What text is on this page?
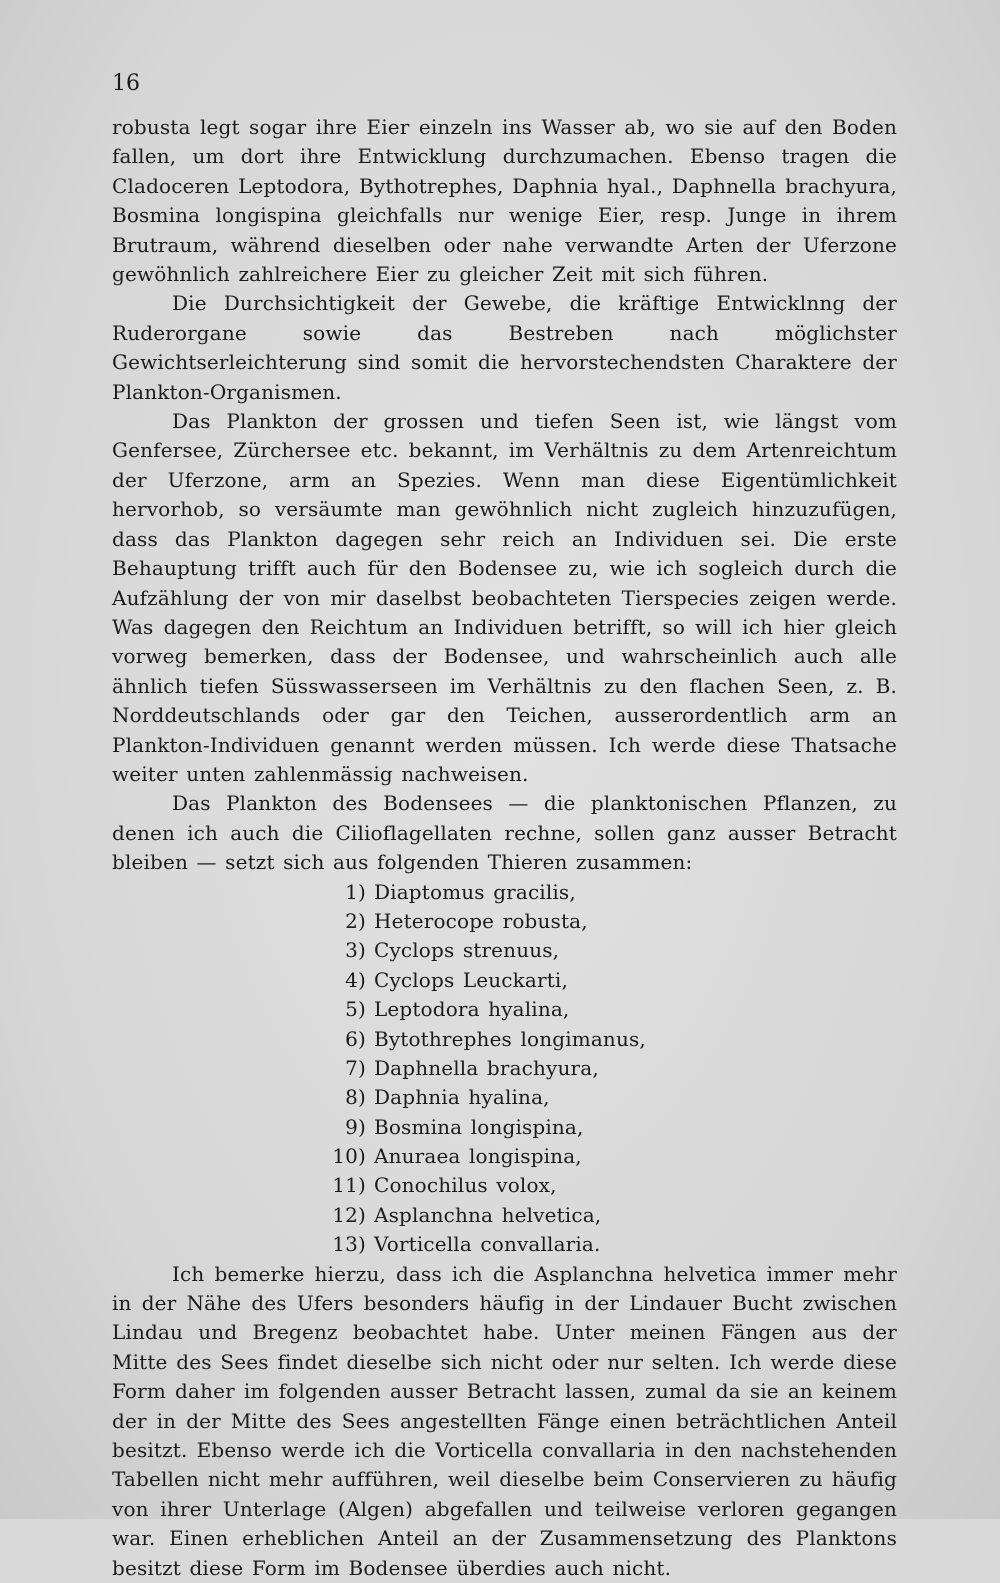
16

robusta legt sogar ihre Eier einzeln ins Wasser ab, wo sie auf den Boden fallen, um dort ihre Entwicklung durchzumachen. Ebenso tragen die Cladoceren Leptodora, Bythotrephes, Daphnia hyal., Daphnella brachyura, Bosmina longispina gleichfalls nur wenige Eier, resp. Junge in ihrem Brutraum, während dieselben oder nahe verwandte Arten der Uferzone gewöhnlich zahlreichere Eier zu gleicher Zeit mit sich führen.

Die Durchsichtigkeit der Gewebe, die kräftige Entwicklnng der Ruderorgane sowie das Bestreben nach möglichster Gewichtserleichterung sind somit die hervorstechendsten Charaktere der Plankton-Organismen.

Das Plankton der grossen und tiefen Seen ist, wie längst vom Genfersee, Zürchersee etc. bekannt, im Verhältnis zu dem Artenreichtum der Uferzone, arm an Spezies. Wenn man diese Eigentümlichkeit hervorhob, so versäumte man gewöhnlich nicht zugleich hinzuzufügen, dass das Plankton dagegen sehr reich an Individuen sei. Die erste Behauptung trifft auch für den Bodensee zu, wie ich sogleich durch die Aufzählung der von mir daselbst beobachteten Tierspecies zeigen werde. Was dagegen den Reichtum an Individuen betrifft, so will ich hier gleich vorweg bemerken, dass der Bodensee, und wahrscheinlich auch alle ähnlich tiefen Süsswasserseen im Verhältnis zu den flachen Seen, z. B. Norddeutschlands oder gar den Teichen, ausserordentlich arm an Plankton-Individuen genannt werden müssen. Ich werde diese Thatsache weiter unten zahlenmässig nachweisen.

Das Plankton des Bodensees — die planktonischen Pflanzen, zu denen ich auch die Cilioflagellaten rechne, sollen ganz ausser Betracht bleiben — setzt sich aus folgenden Thieren zusammen:

1) Diaptomus gracilis,
2) Heterocope robusta,
3) Cyclops strenuus,
4) Cyclops Leuckarti,
5) Leptodora hyalina,
6) Bytothrephes longimanus,
7) Daphnella brachyura,
8) Daphnia hyalina,
9) Bosmina longispina,
10) Anuraea longispina,
11) Conochilus volox,
12) Asplanchna helvetica,
13) Vorticella convallaria.

Ich bemerke hierzu, dass ich die Asplanchna helvetica immer mehr in der Nähe des Ufers besonders häufig in der Lindauer Bucht zwischen Lindau und Bregenz beobachtet habe. Unter meinen Fängen aus der Mitte des Sees findet dieselbe sich nicht oder nur selten. Ich werde diese Form daher im folgenden ausser Betracht lassen, zumal da sie an keinem der in der Mitte des Sees angestellten Fänge einen beträchtlichen Anteil besitzt. Ebenso werde ich die Vorticella convallaria in den nachstehenden Tabellen nicht mehr aufführen, weil dieselbe beim Conservieren zu häufig von ihrer Unterlage (Algen) abgefallen und teilweise verloren gegangen war. Einen erheblichen Anteil an der Zusammensetzung des Planktons besitzt diese Form im Bodensee überdies auch nicht.
